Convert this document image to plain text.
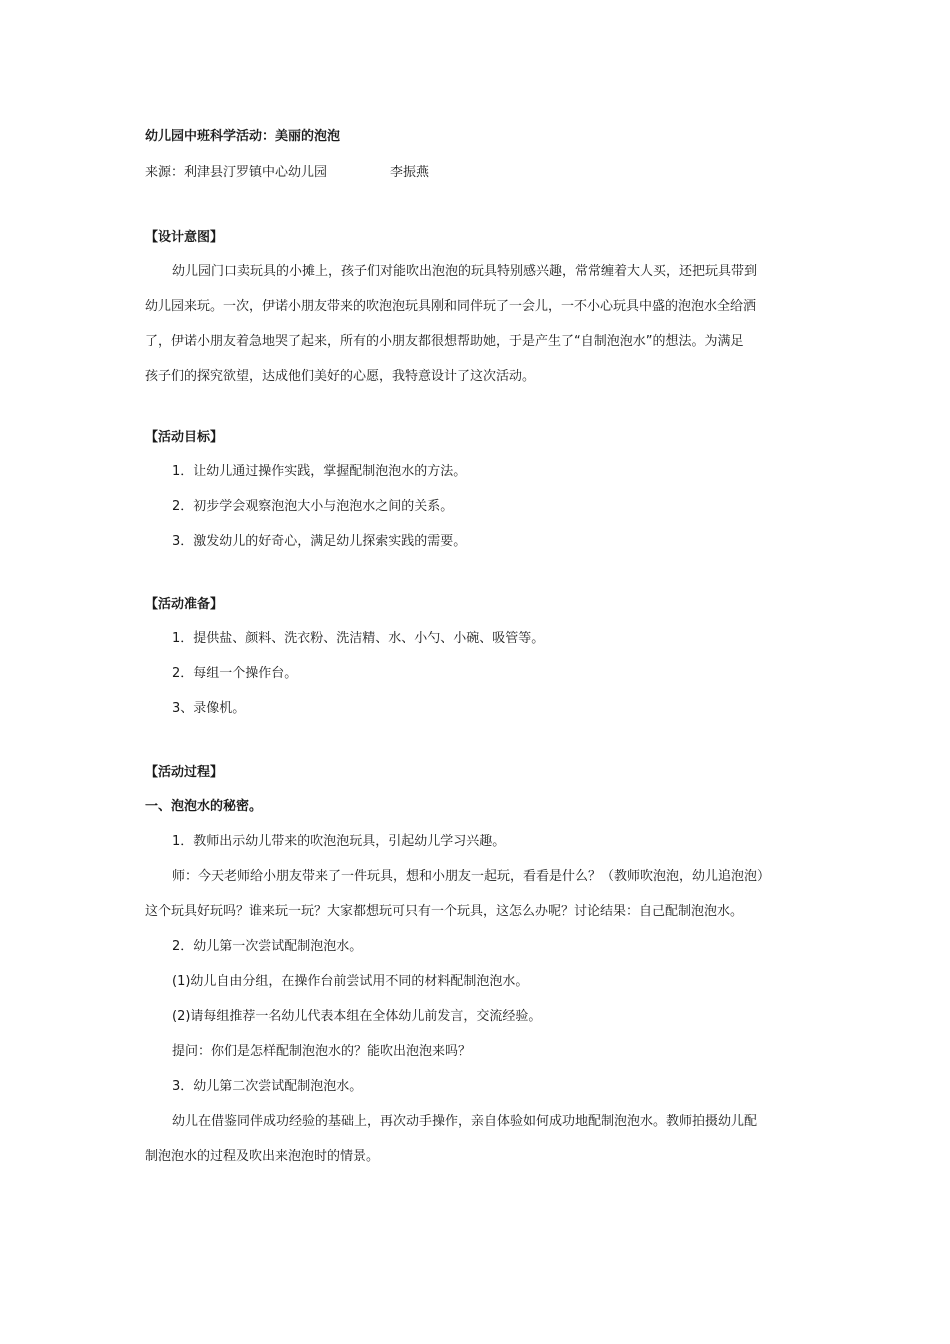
幼儿园中班科学活动：美丽的泡泡
来源：利津县汀罗镇中心幼儿园	李振燕
【设计意图】
幼儿园门口卖玩具的小摊上，孩子们对能吹出泡泡的玩具特别感兴趣，常常缠着大人买，还把玩具带到
幼儿园来玩。一次，伊诺小朋友带来的吹泡泡玩具刚和同伴玩了一会儿，一不小心玩具中盛的泡泡水全给洒
了，伊诺小朋友着急地哭了起来，所有的小朋友都很想帮助她，于是产生了“自制泡泡水”的想法。为满足
孩子们的探究欲望，达成他们美好的心愿，我特意设计了这次活动。
【活动目标】
1．让幼儿通过操作实践，掌握配制泡泡水的方法。
2．初步学会观察泡泡大小与泡泡水之间的关系。
3．激发幼儿的好奇心，满足幼儿探索实践的需要。
【活动准备】
1．提供盐、颜料、洗衣粉、洗洁精、水、小勺、小碗、吸管等。
2．每组一个操作台。
3、录像机。
【活动过程】
一、泡泡水的秘密。
1．教师出示幼儿带来的吹泡泡玩具，引起幼儿学习兴趣。
师：今天老师给小朋友带来了一件玩具，想和小朋友一起玩，看看是什么？（教师吹泡泡，幼儿追泡泡）
这个玩具好玩吗？谁来玩一玩？大家都想玩可只有一个玩具，这怎么办呢？讨论结果：自己配制泡泡水。
2．幼儿第一次尝试配制泡泡水。
(1)幼儿自由分组，在操作台前尝试用不同的材料配制泡泡水。
(2)请每组推荐一名幼儿代表本组在全体幼儿前发言，交流经验。
提问：你们是怎样配制泡泡水的？能吹出泡泡来吗？
3．幼儿第二次尝试配制泡泡水。
幼儿在借鉴同伴成功经验的基础上，再次动手操作，亲自体验如何成功地配制泡泡水。教师拍摄幼儿配
制泡泡水的过程及吹出来泡泡时的情景。
